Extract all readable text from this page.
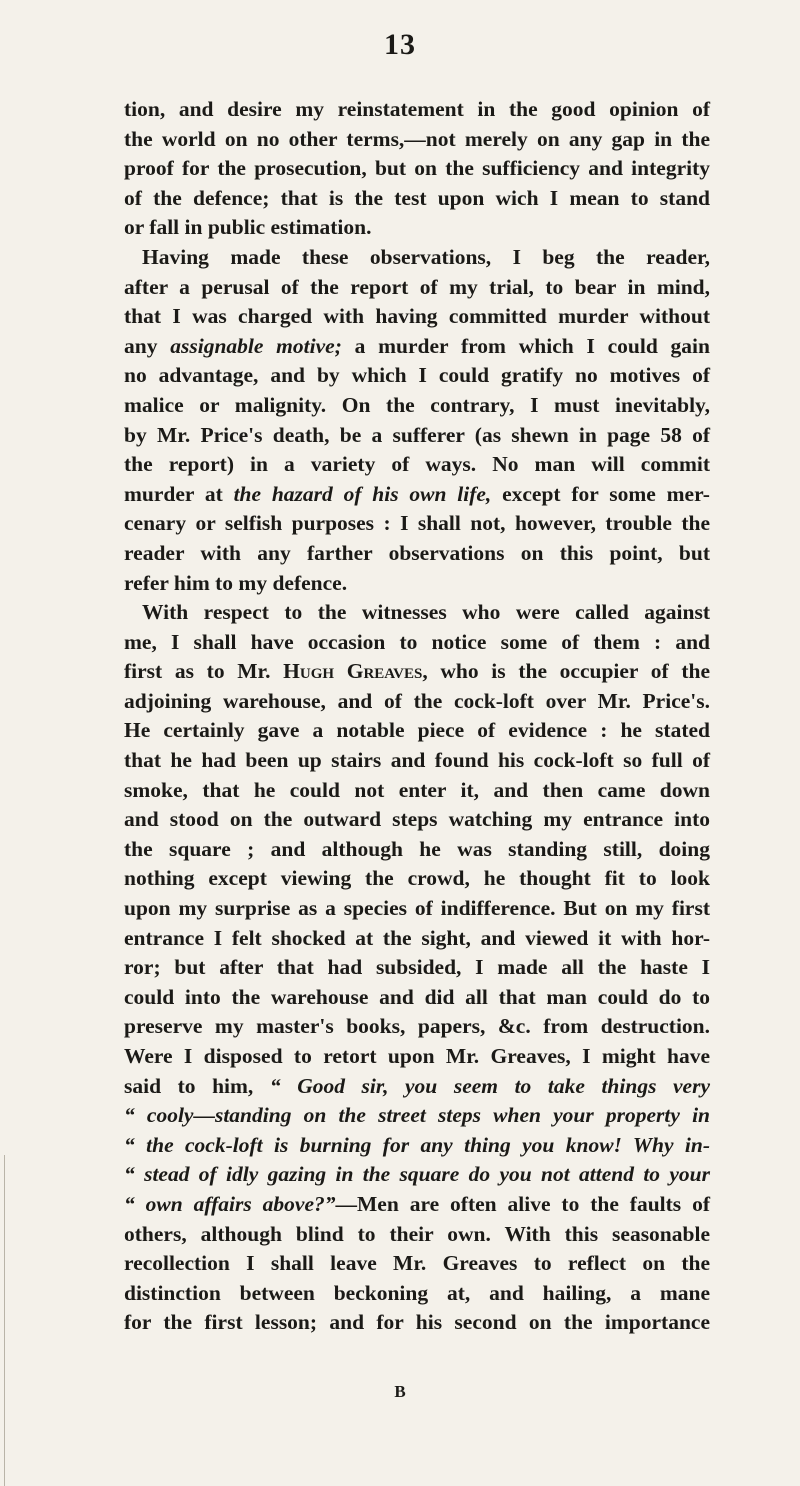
13
tion, and desire my reinstatement in the good opinion of
the world on no other terms,—not merely on any gap in the
proof for the prosecution, but on the sufficiency and integrity
of the defence; that is the test upon wich I mean to stand
or fall in public estimation.
Having made these observations, I beg the reader,
after a perusal of the report of my trial, to bear in mind,
that I was charged with having committed murder without
any assignable motive; a murder from which I could gain
no advantage, and by which I could gratify no motives of
malice or malignity. On the contrary, I must inevitably,
by Mr. Price's death, be a sufferer (as shewn in page 58 of
the report) in a variety of ways. No man will commit
murder at the hazard of his own life, except for some mer-
cenary or selfish purposes : I shall not, however, trouble the
reader with any farther observations on this point, but
refer him to my defence.
With respect to the witnesses who were called against
me, I shall have occasion to notice some of them : and
first as to Mr. Hugh Greaves, who is the occupier of the
adjoining warehouse, and of the cock-loft over Mr. Price's.
He certainly gave a notable piece of evidence : he stated
that he had been up stairs and found his cock-loft so full of
smoke, that he could not enter it, and then came down
and stood on the outward steps watching my entrance into
the square ; and although he was standing still, doing
nothing except viewing the crowd, he thought fit to look
upon my surprise as a species of indifference. But on my first
entrance I felt shocked at the sight, and viewed it with hor-
ror; but after that had subsided, I made all the haste I
could into the warehouse and did all that man could do to
preserve my master's books, papers, &c. from destruction.
Were I disposed to retort upon Mr. Greaves, I might have
said to him, “ Good sir, you seem to take things very
“ cooly—standing on the street steps when your property in
“ the cock-loft is burning for any thing you know! Why in-
“ stead of idly gazing in the square do you not attend to your
“ own affairs above?”—Men are often alive to the faults of
others, although blind to their own. With this seasonable
recollection I shall leave Mr. Greaves to reflect on the
distinction between beckoning at, and hailing, a mane
for the first lesson; and for his second on the importance
B
